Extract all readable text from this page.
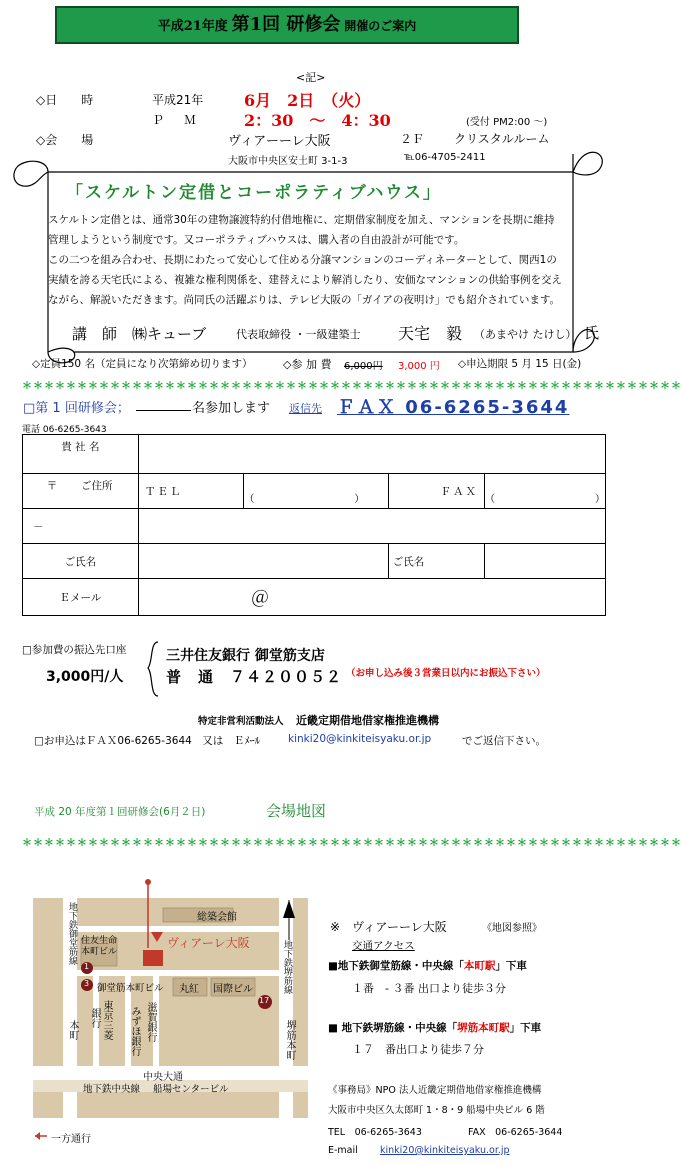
平成21年度 第1回 研修会 開催のご案内
<記>
◇日　　時	平成21年	6月　2日　（火）
Ｐ　Ｍ	2：30　～　4：30	(受付 PM2:00 ～)
◇会　　場	ヴィアーーレ大阪	２Ｆ クリスタルルーム
大阪市中央区安土町 3-1-3	℡06-4705-2411
「スケルトン定借とコーポラティブハウス」
スケルトン定借とは、通常30年の建物譲渡特約付借地権に、定期借家制度を加え、マンションを長期に維持
管理しようという制度です。又コーポラティブハウスは、購入者の自由設計が可能です。
この二つを組み合わせ、長期にわたって安心して住める分譲マンションのコーディネーターとして、関西1の
実績を誇る天宅氏による、複雑な権利関係を、建替えにより解消したり、安価なマンションの供給事例を交え
ながら、解説いただきます。尚同氏の活躍ぶりは、テレビ大阪の「ガイアの夜明け」でも紹介されています。
講　師　㈱キューブ	代表取締役 ・一級建築士 天宅　毅 （あまやけ たけし） 氏
◇定員150 名（定員になり次第締め切ります）	◇参 加 費 6,000円 3,000 円 ◇申込期限 5 月 15 日(金)
＊＊＊＊＊＊＊＊＊＊＊＊＊＊＊＊＊＊＊＊＊＊＊＊＊＊＊＊＊＊＊＊＊＊＊＊＊＊＊＊＊＊＊＊＊＊＊＊＊＊＊＊＊＊＊＊＊＊＊＊
□第 1 回研修会；	名参加します 返信先 ＦＡＸ 06-6265-3644
電話 06-6265-3643
貴 社 名				

〒 ご住所	ＴＥＬ	（　　　　　　　　　　）	ＦＡＸ	（　　　　　　　　　　）

－				
ご氏名			ご氏名	
Ｅメール	＠			
□参加費の振込先口座
3,000円/人
三井住友銀行 御堂筋支店
普　通　７４２００５２ （お申し込み後３営業日以内にお振込下さい）
特定非営利活動法人 近畿定期借地借家権推進機構
□お申込はＦＡＸ06-6265-3644　又は　Ｅﾒｰﾙ	kinki20@kinkiteisyaku.or.jp	でご返信下さい。
平成 20 年度第１回研修会(6月２日)	会場地図
＊＊＊＊＊＊＊＊＊＊＊＊＊＊＊＊＊＊＊＊＊＊＊＊＊＊＊＊＊＊＊＊＊＊＊＊＊＊＊＊＊＊＊＊＊＊＊＊＊＊＊＊＊＊＊＊＊＊＊＊
総築会館
ヴィアーレ大阪
住友生命
本町ビル
御堂筋本町ビル 丸紅 国際ビル
東京三菱
銀行	みずほ銀行 滋賀銀行
中央大通
地下鉄中央線 船場センタービル
本町
地下鉄御堂筋線
地下鉄堺筋線
堺筋本町
一方通行
1
3
17
※　ヴィアーーレ大阪	《地図参照》
交通アクセス
■地下鉄御堂筋線・中央線「本町駅」下車
１番　- ３番 出口より徒歩３分
■ 地下鉄堺筋線・中央線「堺筋本町駅」下車
１７　番出口より徒歩７分
《事務局》NPO 法人近畿定期借地借家権推進機構
大阪市中央区久太郎町 1・8・9 船場中央ビル 6 階
TEL　06-6265-3643	FAX　06-6265-3644
E-mail kinki20@kinkiteisyaku.or.jp
